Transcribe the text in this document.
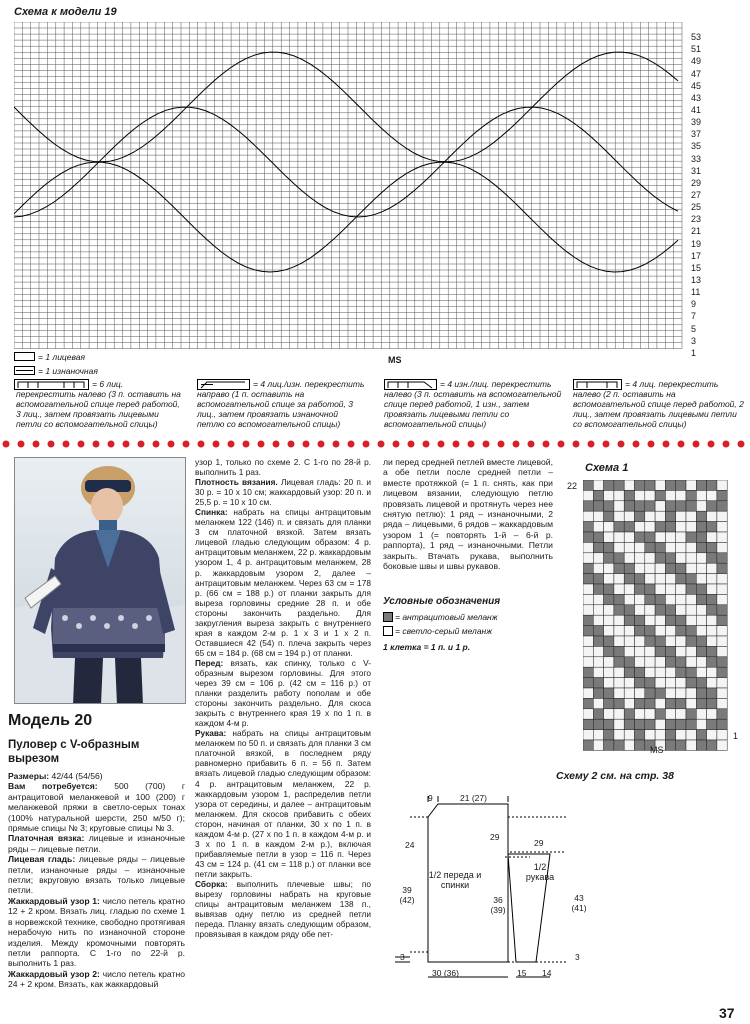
Схема к модели 19
53
51
49
47
45
43
41
39
37
35
33
31
29
27
25
23
21
19
17
15
13
11
9
7
5
3
1
= 1 лицевая
= 1 изнаночная
= 6 лиц. перекрестить налево (3 п. оставить на вспомогательной спице перед работой, 3 лиц., затем провязать лицевыми петли со вспомогательной спицы)
= 4 лиц./изн. перекрестить направо (1 п. оставить на вспомогательной спице за работой, 3 лиц., затем провязать изнаночной петлю со вспомогательной спицы)
= 4 изн./лиц. перекрестить налево (3 п. оставить на вспомогательной спице перед работой, 1 изн., затем провязать лицевыми петли со вспомогательной спицы)
= 4 лиц. перекрестить налево (2 п. оставить на вспомогательной спице перед работой, 2 лиц., затем провязать лицевыми петли со вспомогательной спицы)
Модель 20
Пуловер с V-образным вырезом

Размеры: 42/44 (54/56)

Вам потребуется: 500 (700) г антрацитовой меланжевой и 100 (200) г меланжевой пряжи в светло-серых тонах (100% натуральной шерсти, 250 м/50 г); прямые спицы № 3; круговые спицы № 3.

Платочная вязка: лицевые и изнаночные ряды – лицевые петли.

Лицевая гладь: лицевые ряды – лицевые петли, изнаночные ряды – изнаночные петли; вкруговую вязать только лицевые петли.

Жаккардовый узор 1: число петель кратно 12 + 2 кром. Вязать лиц. гладью по схеме 1 в норвежской технике, свободно протягивая нерабочую нить по изнаночной стороне изделия. Между кромочными повторять петли раппорта. С 1-го по 22-й р. выполнить 1 раз.

Жаккардовый узор 2: число петель кратно 24 + 2 кром. Вязать, как жаккардовый

узор 1, только по схеме 2. С 1-го по 28-й р. выполнить 1 раз.

Плотность вязания. Лицевая гладь: 20 п. и 30 р. = 10 х 10 см; жаккардовый узор: 20 п. и 25,5 р. = 10 х 10 см.

Спинка: набрать на спицы антрацитовым меланжем 122 (146) п. и связать для планки 3 см платочной вязкой. Затем вязать лицевой гладью следующим образом: 4 р. антрацитовым меланжем, 22 р. жаккардовым узором 1, 4 р. антрацитовым меланжем, 28 р. жаккардовым узором 2, далее – антрацитовым меланжем. Через 63 см = 178 р. (66 см = 188 р.) от планки закрыть для выреза горловины средние 28 п. и обе стороны закончить раздельно. Для закругления выреза закрыть с внутреннего края в каждом 2-м р. 1 х 3 и 1 х 2 п. Оставшиеся 42 (54) п. плеча закрыть через 65 см = 184 р. (68 см = 194 р.) от планки.

Перед: вязать, как спинку, только с V-образным вырезом горловины. Для этого через 39 см = 106 р. (42 см = 116 р.) от планки разделить работу пополам и обе стороны закончить раздельно. Для скоса закрыть с внутреннего края 19 х по 1 п. в каждом 4-м р.

Рукава: набрать на спицы антрацитовым меланжем по 50 п. и связать для планки 3 см платочной вязкой, в последнем ряду равномерно прибавить 6 п. = 56 п. Затем вязать лицевой гладью следующим образом: 4 р. антрацитовым меланжем, 22 р. жаккардовым узором 1, распределив петли узора от середины, и далее – антрацитовым меланжем. Для скосов прибавить с обеих сторон, начиная от планки, 30 х по 1 п. в каждом 4-м р. (27 х по 1 п. в каждом 4-м р. и 3 х по 1 п. в каждом 2-м р.), включая прибавляемые петли в узор = 116 п. Через 43 см = 124 р. (41 см = 118 р.) от планки все петли закрыть.

Сборка: выполнить плечевые швы; по вырезу горловины набрать на круговые спицы антрацитовым меланжем 138 п., вывязав одну петлю из средней петли переда. Планку вязать следующим образом, провязывая в каждом ряду обе пет-

ли перед средней петлей вместе лицевой, а обе петли после средней петли – вместе протяжкой (= 1 п. снять, как при лицевом вязании, следующую петлю провязать лицевой и протянуть через нее снятую петлю): 1 ряд – изнаночными, 2 ряда – лицевыми, 6 рядов – жаккардовым узором 1 (= повторять 1-й – 6-й р. раппорта), 1 ряд – изнаночными. Петли закрыть. Втачать рукава, выполнить боковые швы и швы рукавов.

Условные обозначения
= антрацитовый меланж
= светло-серый меланж
1 клетка = 1 п. и 1 р.
Схема 1
22
1
Схему 2 см. на стр. 38
1/2 переда и спинки
1/2 рукава
9	21 (27)
24
39 (42)	36 (39)
3
30 (36)
29
29
43 (41)
15 14
3
37
MS
MS
